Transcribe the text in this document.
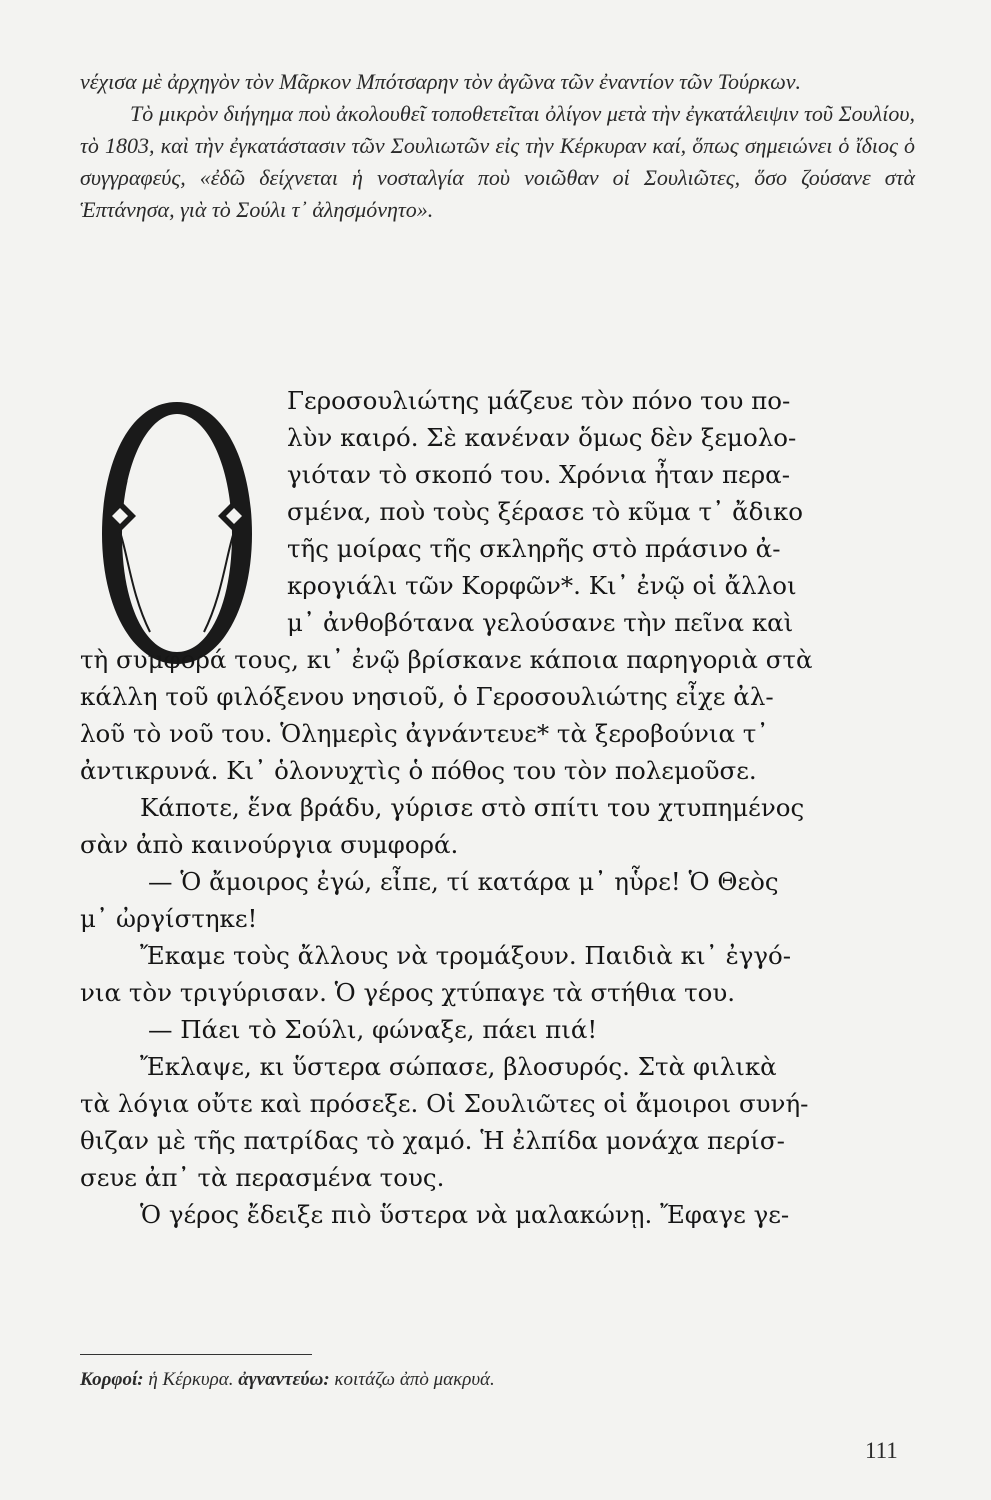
νέχισα μὲ ἀρχηγὸν τὸν Μᾶρκον Μπότσαρην τὸν ἀγῶνα τῶν ἐναντίον τῶν Τούρκων.

Τὸ μικρὸν διήγημα ποὺ ἀκολουθεῖ τοποθετεῖται ὀλίγον μετὰ τὴν ἐγκατάλειψιν τοῦ Σουλίου, τὸ 1803, καὶ τὴν ἐγκατάστασιν τῶν Σουλιωτῶν εἰς τὴν Κέρκυραν καί, ὅπως σημειώνει ὁ ἴδιος ὁ συγγραφεύς, «ἐδῶ δείχνεται ἡ νοσταλγία ποὺ νοιῶθαν οἱ Σουλιῶτες, ὅσο ζούσανε στὰ Ἑπτάνησα, γιὰ τὸ Σούλι τ᾽ ἀλησμόνητο».

Γεροσουλιώτης μάζευε τὸν πόνο του πο-

λὺν καιρό. Σὲ κανέναν ὅμως δὲν ξεμολο-

γιόταν τὸ σκοπό του. Χρόνια ἦταν περα-

σμένα, ποὺ τοὺς ξέρασε τὸ κῦμα τ᾽ ἄδικο

τῆς μοίρας τῆς σκληρῆς στὸ πράσινο ἀ-

κρογιάλι τῶν Κορφῶν*. Κι᾽ ἐνῷ οἱ ἄλλοι

μ᾽ ἀνθοβότανα γελούσανε τὴν πεῖνα καὶ

τὴ συμφορά τους, κι᾽ ἐνῷ βρίσκανε κάποια παρηγοριὰ στὰ

κάλλη τοῦ φιλόξενου νησιοῦ, ὁ Γεροσουλιώτης εἶχε ἀλ-

λοῦ τὸ νοῦ του. Ὁλημερὶς ἀγνάντευε* τὰ ξεροβούνια τ᾽

ἀντικρυνά. Κι᾽ ὁλονυχτὶς ὁ πόθος του τὸν πολεμοῦσε.

Κάποτε, ἕνα βράδυ, γύρισε στὸ σπίτι του χτυπημένος

σὰν ἀπὸ καινούργια συμφορά.

— Ὁ ἄμοιρος ἐγώ, εἶπε, τί κατάρα μ᾽ ηὗρε! Ὁ Θεὸς

μ᾽ ὠργίστηκε!

Ἔκαμε τοὺς ἄλλους νὰ τρομάξουν. Παιδιὰ κι᾽ ἐγγό-

νια τὸν τριγύρισαν. Ὁ γέρος χτύπαγε τὰ στήθια του.

— Πάει τὸ Σούλι, φώναξε, πάει πιά!

Ἔκλαψε, κι ὕστερα σώπασε, βλοσυρός. Στὰ φιλικὰ

τὰ λόγια οὔτε καὶ πρόσεξε. Οἱ Σουλιῶτες οἱ ἄμοιροι συνή-

θιζαν μὲ τῆς πατρίδας τὸ χαμό. Ἡ ἐλπίδα μονάχα περίσ-

σευε ἀπ᾽ τὰ περασμένα τους.

Ὁ γέρος ἔδειξε πιὸ ὕστερα νὰ μαλακώνῃ. Ἔφαγε γε-

Κορφοί: ἡ Κέρκυρα. ἀγναντεύω: κοιτάζω ἀπὸ μακρυά.
111
